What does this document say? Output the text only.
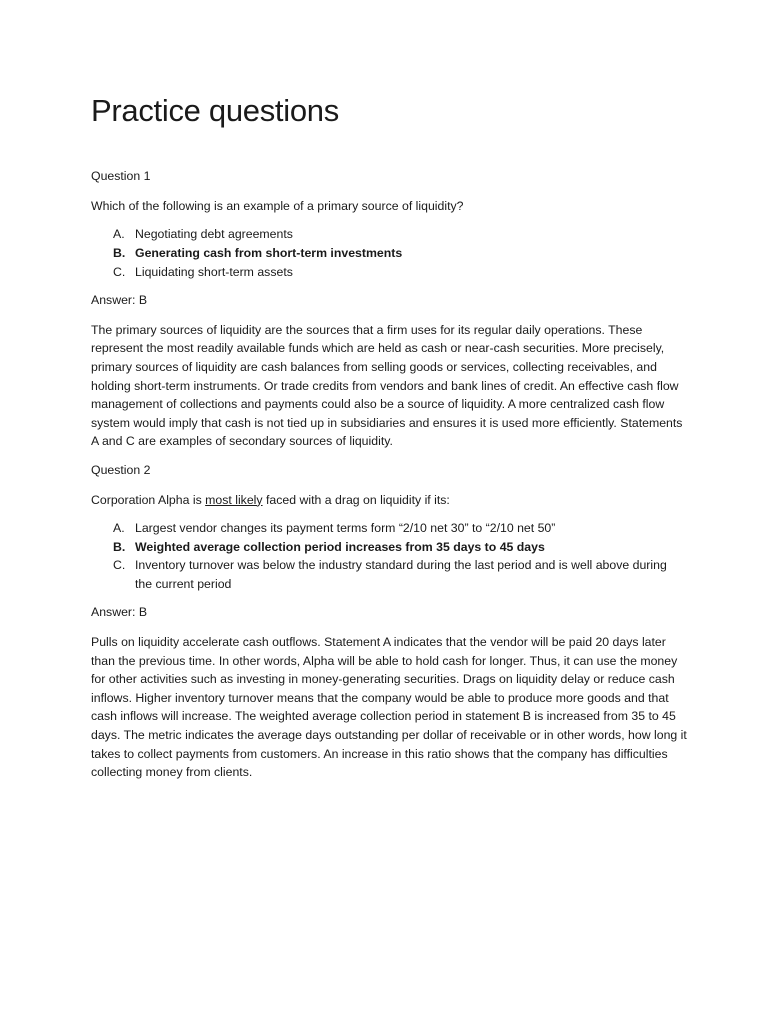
Practice questions

Question 1

Which of the following is an example of a primary source of liquidity?

A. Negotiating debt agreements
B. Generating cash from short-term investments
C. Liquidating short-term assets

Answer: B

The primary sources of liquidity are the sources that a firm uses for its regular daily operations. These represent the most readily available funds which are held as cash or near-cash securities. More precisely, primary sources of liquidity are cash balances from selling goods or services, collecting receivables, and holding short-term instruments. Or trade credits from vendors and bank lines of credit. An effective cash flow management of collections and payments could also be a source of liquidity. A more centralized cash flow system would imply that cash is not tied up in subsidiaries and ensures it is used more efficiently. Statements A and C are examples of secondary sources of liquidity.

Question 2

Corporation Alpha is most likely faced with a drag on liquidity if its:

A. Largest vendor changes its payment terms form “2/10 net 30” to “2/10 net 50”
B. Weighted average collection period increases from 35 days to 45 days
C. Inventory turnover was below the industry standard during the last period and is well above during the current period

Answer: B

Pulls on liquidity accelerate cash outflows. Statement A indicates that the vendor will be paid 20 days later than the previous time. In other words, Alpha will be able to hold cash for longer. Thus, it can use the money for other activities such as investing in money-generating securities. Drags on liquidity delay or reduce cash inflows. Higher inventory turnover means that the company would be able to produce more goods and that cash inflows will increase. The weighted average collection period in statement B is increased from 35 to 45 days. The metric indicates the average days outstanding per dollar of receivable or in other words, how long it takes to collect payments from customers. An increase in this ratio shows that the company has difficulties collecting money from clients.
